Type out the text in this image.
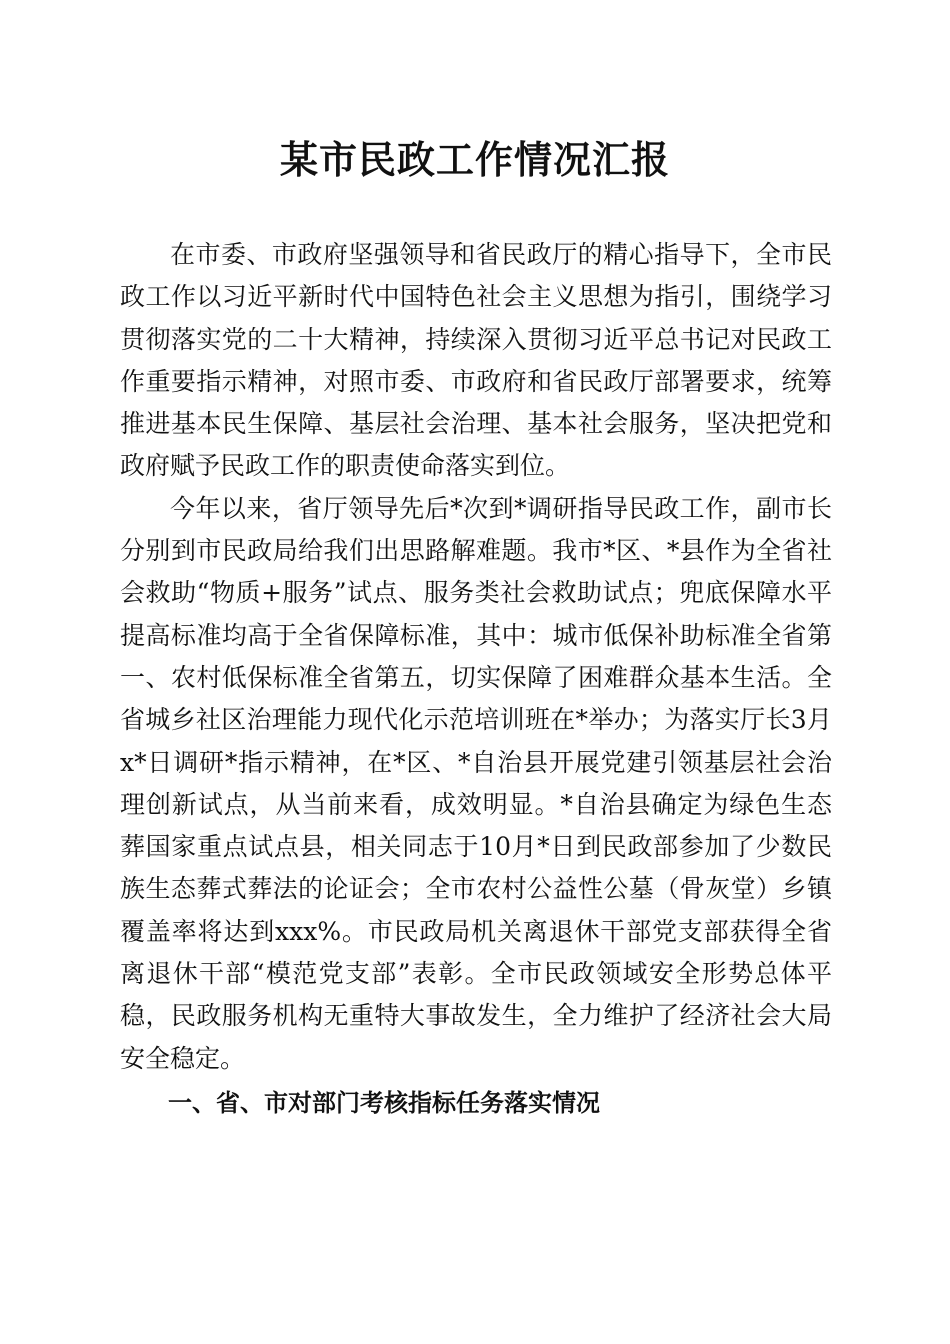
某市民政工作情况汇报

在市委、市政府坚强领导和省民政厅的精心指导下，全市民政工作以习近平新时代中国特色社会主义思想为指引，围绕学习贯彻落实党的二十大精神，持续深入贯彻习近平总书记对民政工作重要指示精神，对照市委、市政府和省民政厅部署要求，统筹推进基本民生保障、基层社会治理、基本社会服务，坚决把党和政府赋予民政工作的职责使命落实到位。

今年以来，省厅领导先后*次到*调研指导民政工作，副市长分别到市民政局给我们出思路解难题。我市*区、*县作为全省社会救助“物质+服务”试点、服务类社会救助试点；兜底保障水平提高标准均高于全省保障标准，其中：城市低保补助标准全省第一、农村低保标准全省第五，切实保障了困难群众基本生活。全省城乡社区治理能力现代化示范培训班在*举办；为落实厅长3月x*日调研*指示精神，在*区、*自治县开展党建引领基层社会治理创新试点，从当前来看，成效明显。*自治县确定为绿色生态葬国家重点试点县，相关同志于10月*日到民政部参加了少数民族生态葬式葬法的论证会；全市农村公益性公墓（骨灰堂）乡镇覆盖率将达到xxx%。市民政局机关离退休干部党支部获得全省离退休干部“模范党支部”表彰。全市民政领域安全形势总体平稳，民政服务机构无重特大事故发生，全力维护了经济社会大局安全稳定。

一、省、市对部门考核指标任务落实情况
